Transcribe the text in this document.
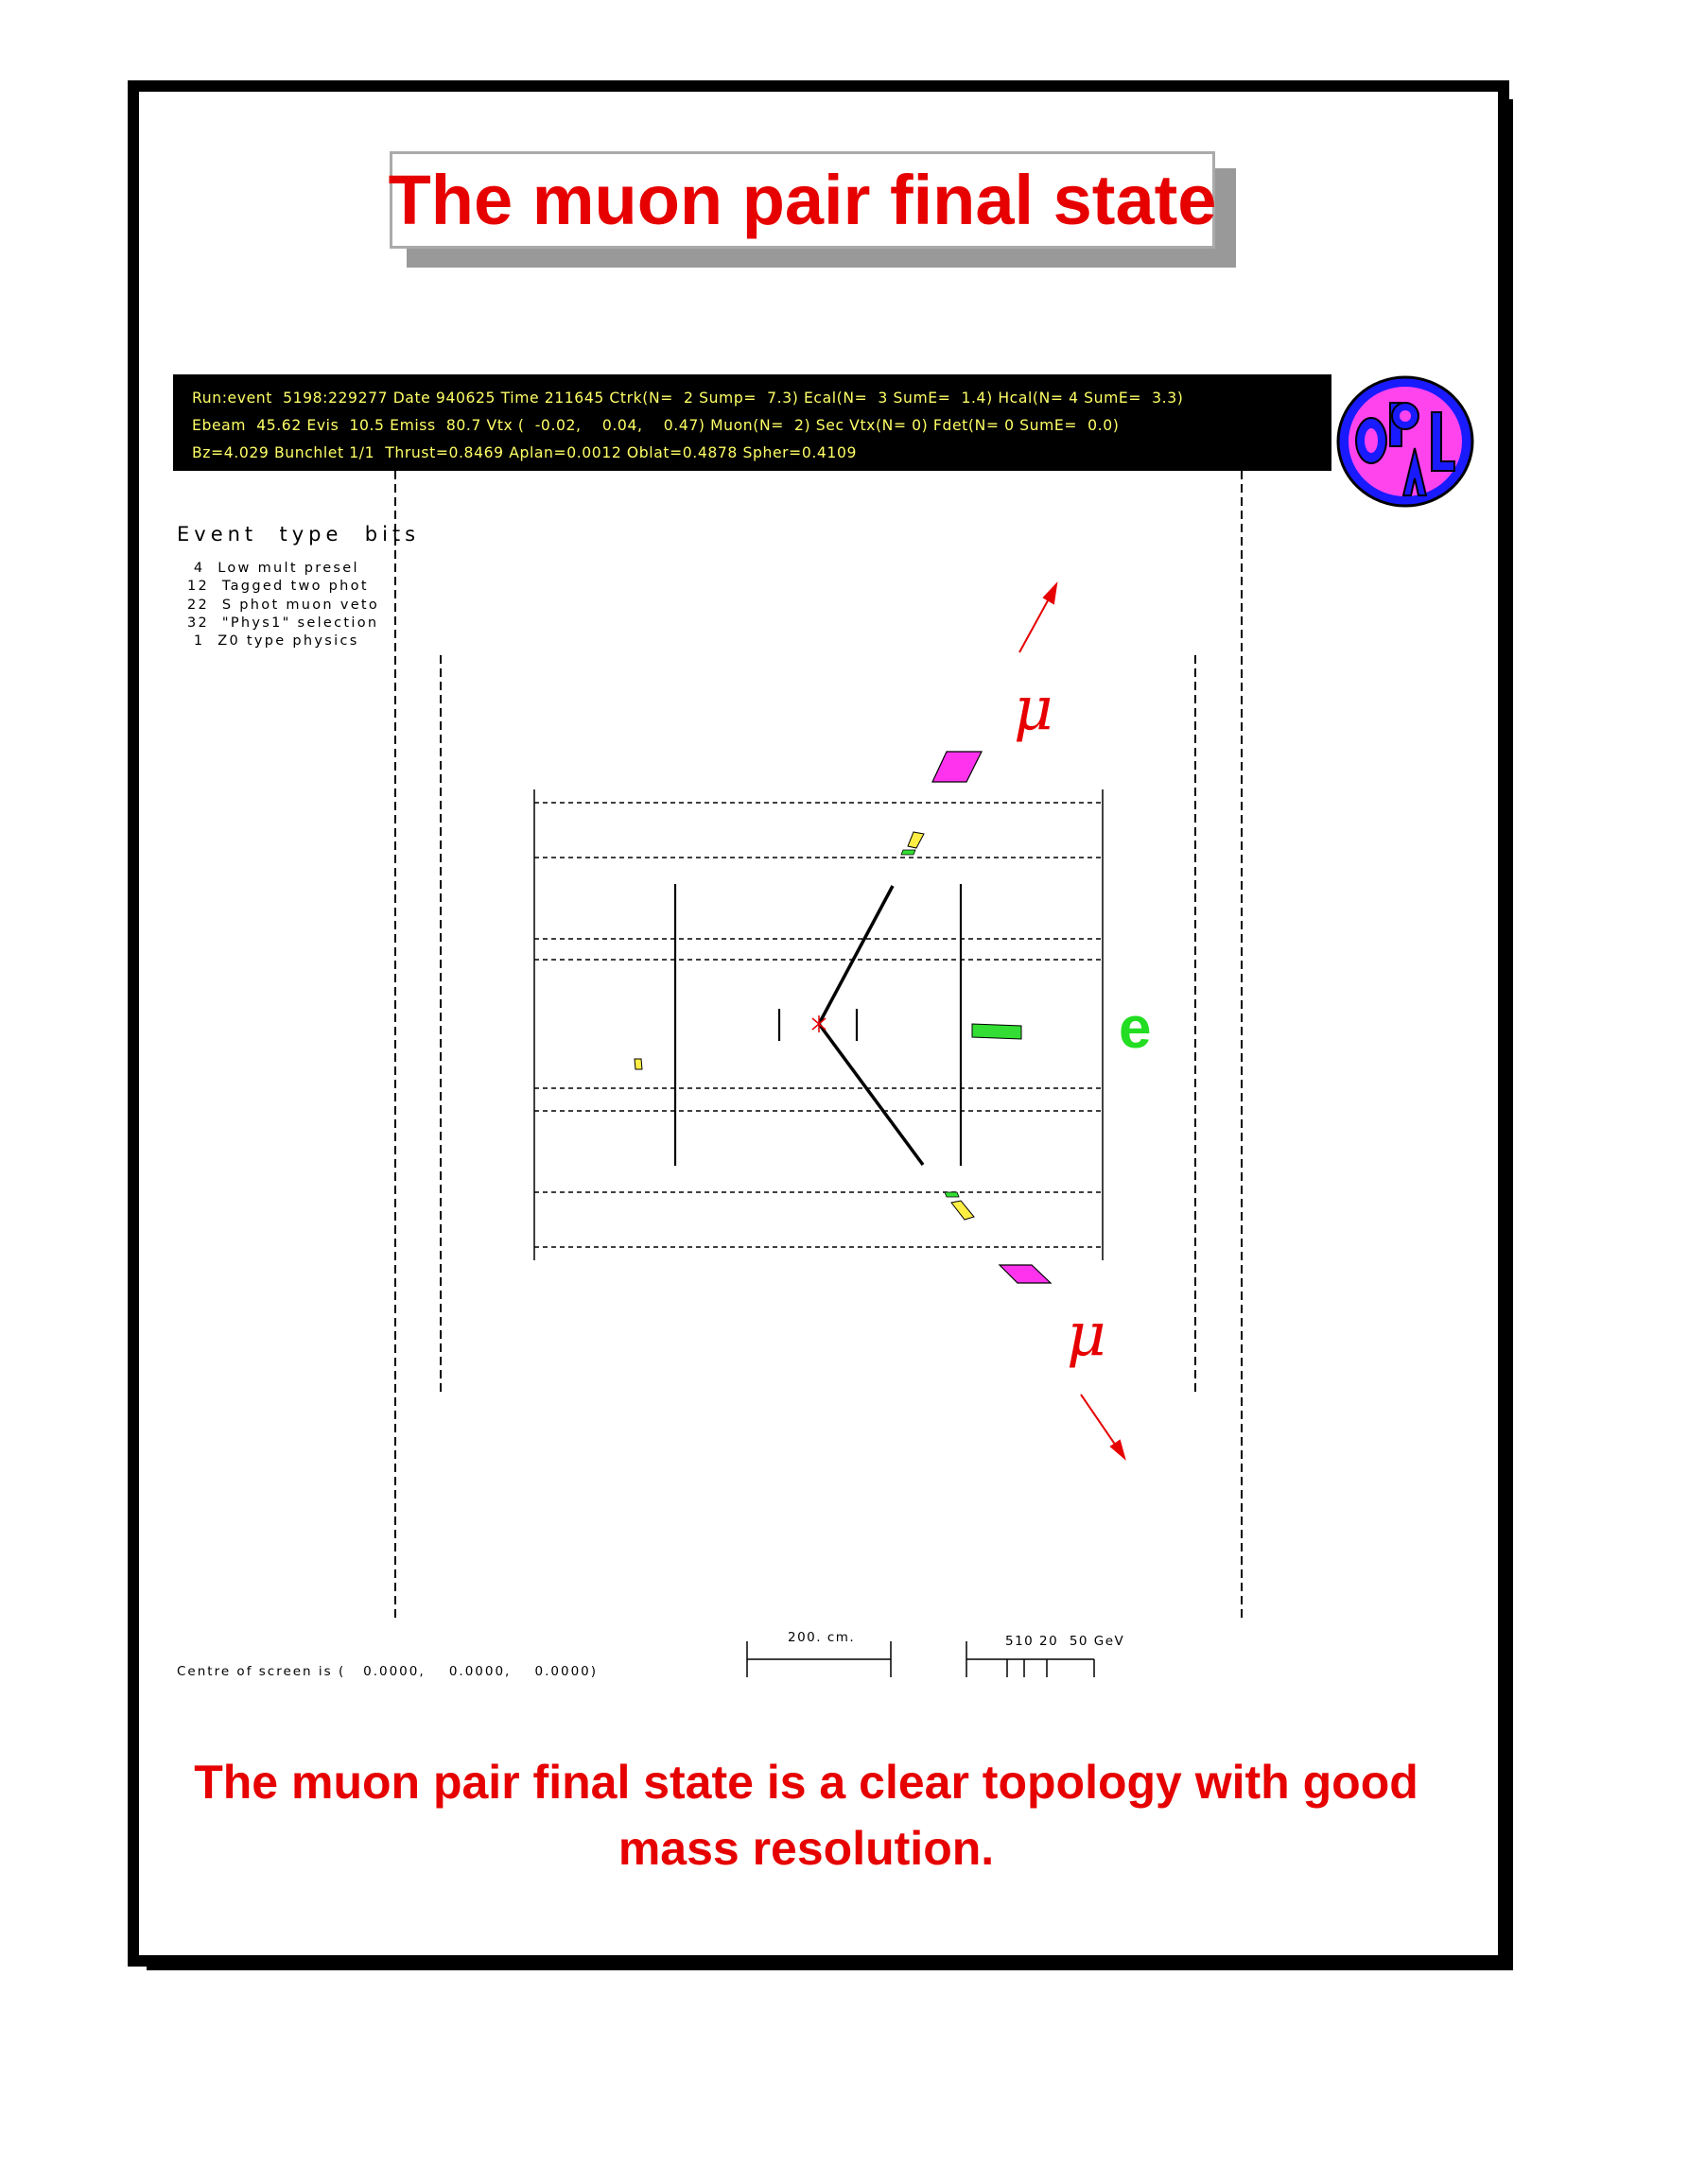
The muon pair final state
Run:event  5198:229277 Date 940625 Time 211645 Ctrk(N=  2 Sump=  7.3) Ecal(N=  3 SumE=  1.4) Hcal(N= 4 SumE=  3.3)
Ebeam  45.62 Evis  10.5 Emiss  80.7 Vtx (  -0.02,    0.04,    0.47) Muon(N=  2) Sec Vtx(N= 0) Fdet(N= 0 SumE=  0.0)
Bz=4.029 Bunchlet 1/1  Thrust=0.8469 Aplan=0.0012 Oblat=0.4878 Spher=0.4109
Event  type  bits
4  Low mult presel
12  Tagged two phot
22  S phot muon veto
32  "Phys1" selection
1  Z0 type physics
μ
μ
e
Centre of screen is (   0.0000,    0.0000,    0.0000)
200. cm.	510 20  50 GeV
The muon pair final state is a clear topology with good mass resolution.
